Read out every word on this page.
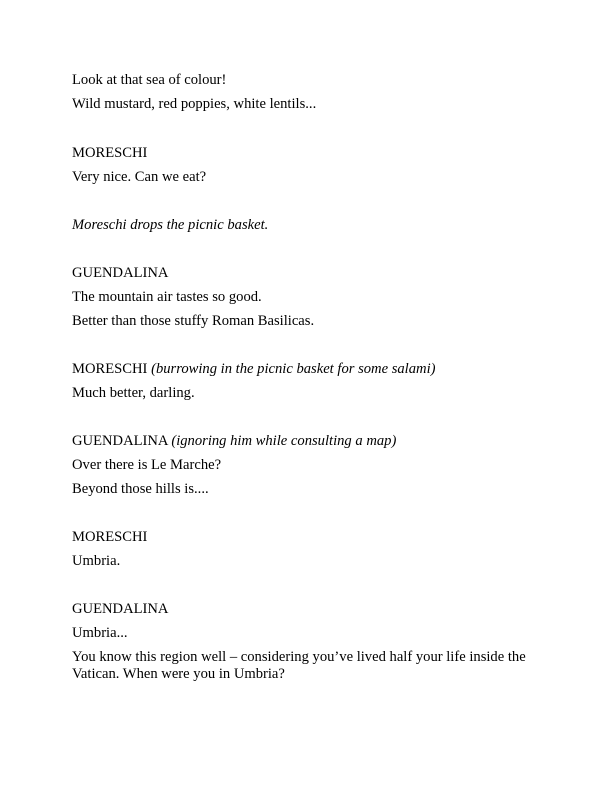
Look at that sea of colour!

Wild mustard, red poppies, white lentils...

MORESCHI

Very nice. Can we eat?

Moreschi drops the picnic basket.

GUENDALINA

The mountain air tastes so good.

Better than those stuffy Roman Basilicas.

MORESCHI (burrowing in the picnic basket for some salami)

Much better, darling.

GUENDALINA (ignoring him while consulting a map)

Over there is Le Marche?

Beyond those hills is....

MORESCHI

Umbria.

GUENDALINA

Umbria...

You know this region well – considering you’ve lived half your life inside the Vatican. When were you in Umbria?
